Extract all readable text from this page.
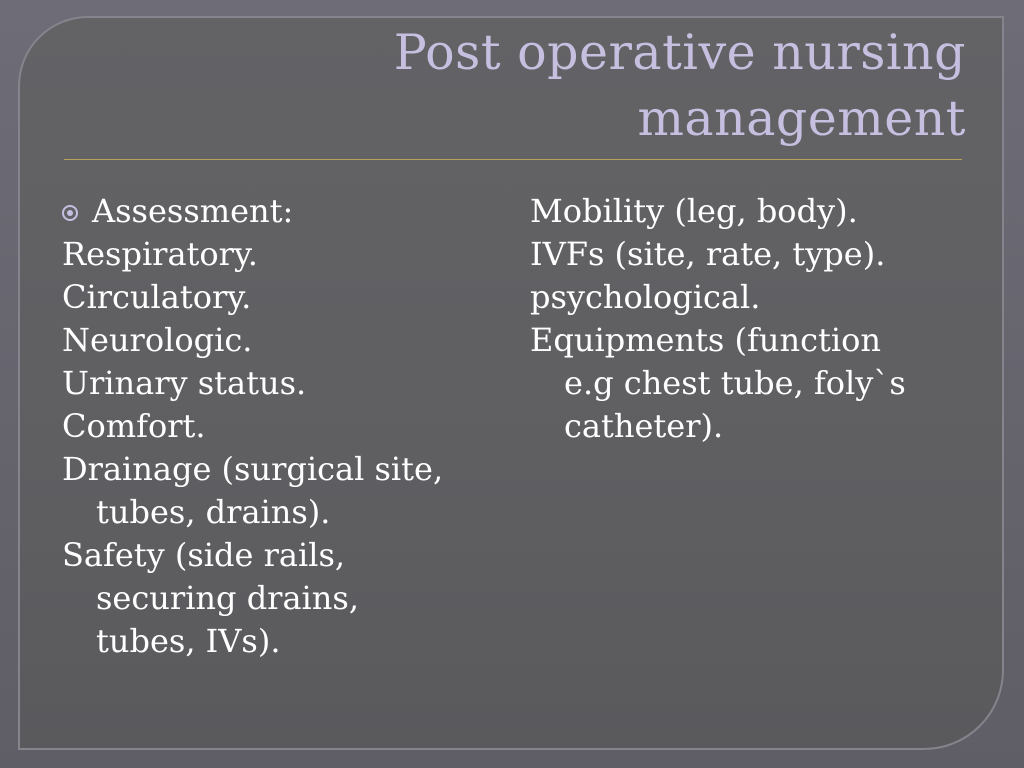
Post operative nursing
management
Assessment:
Respiratory.
Circulatory.
Neurologic.
Urinary status.
Comfort.
Drainage (surgical site,
tubes, drains).
Safety (side rails,
securing drains,
tubes, IVs).
Mobility (leg, body).
IVFs (site, rate, type).
psychological.
Equipments (function
e.g chest tube, foly`s
catheter).
